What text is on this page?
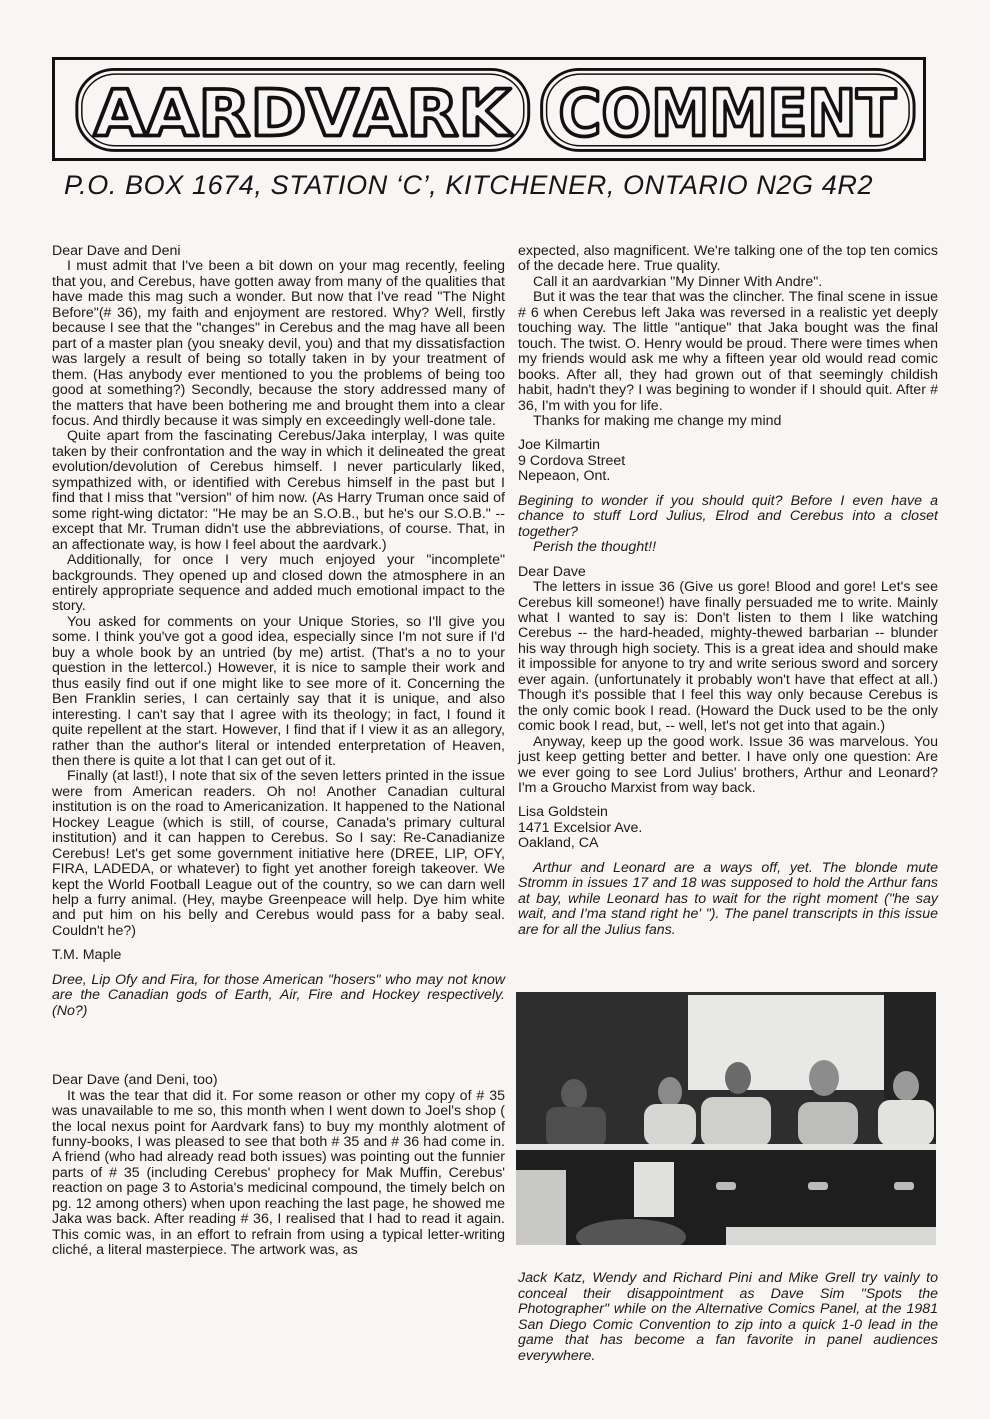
AARDVARK COMMENT
P.O. BOX 1674, STATION ‘C’, KITCHENER, ONTARIO N2G 4R2

Dear Dave and Deni

I must admit that I've been a bit down on your mag recently, feeling that you, and Cerebus, have gotten away from many of the qualities that have made this mag such a wonder. But now that I've read "The Night Before"(# 36), my faith and enjoyment are restored. Why? Well, firstly because I see that the "changes" in Cerebus and the mag have all been part of a master plan (you sneaky devil, you) and that my dissatisfaction was largely a result of being so totally taken in by your treatment of them. (Has anybody ever mentioned to you the problems of being too good at something?) Secondly, because the story addressed many of the matters that have been bothering me and brought them into a clear focus. And thirdly because it was simply en exceedingly well-done tale.

Quite apart from the fascinating Cerebus/Jaka interplay, I was quite taken by their confrontation and the way in which it delineated the great evolution/devolution of Cerebus himself. I never particularly liked, sympathized with, or identified with Cerebus himself in the past but I find that I miss that "version" of him now. (As Harry Truman once said of some right-wing dictator: "He may be an S.O.B., but he's our S.O.B." -- except that Mr. Truman didn't use the abbreviations, of course. That, in an affectionate way, is how I feel about the aardvark.)

Additionally, for once I very much enjoyed your "incomplete" backgrounds. They opened up and closed down the atmosphere in an entirely appropriate sequence and added much emotional impact to the story.

You asked for comments on your Unique Stories, so I'll give you some. I think you've got a good idea, especially since I'm not sure if I'd buy a whole book by an untried (by me) artist. (That's a no to your question in the lettercol.) However, it is nice to sample their work and thus easily find out if one might like to see more of it. Concerning the Ben Franklin series, I can certainly say that it is unique, and also interesting. I can't say that I agree with its theology; in fact, I found it quite repellent at the start. However, I find that if I view it as an allegory, rather than the author's literal or intended enterpretation of Heaven, then there is quite a lot that I can get out of it.

Finally (at last!), I note that six of the seven letters printed in the issue were from American readers. Oh no! Another Canadian cultural institution is on the road to Americanization. It happened to the National Hockey League (which is still, of course, Canada's primary cultural institution) and it can happen to Cerebus. So I say: Re-Canadianize Cerebus! Let's get some government initiative here (DREE, LIP, OFY, FIRA, LADEDA, or whatever) to fight yet another foreigh takeover. We kept the World Football League out of the country, so we can darn well help a furry animal. (Hey, maybe Greenpeace will help. Dye him white and put him on his belly and Cerebus would pass for a baby seal. Couldn't he?)

T.M. Maple

Dree, Lip Ofy and Fira, for those American "hosers" who may not know are the Canadian gods of Earth, Air, Fire and Hockey respectively. (No?)

Dear Dave (and Deni, too)

It was the tear that did it. For some reason or other my copy of # 35 was unavailable to me so, this month when I went down to Joel's shop ( the local nexus point for Aardvark fans) to buy my monthly alotment of funny-books, I was pleased to see that both # 35 and # 36 had come in. A friend (who had already read both issues) was pointing out the funnier parts of # 35 (including Cerebus' prophecy for Mak Muffin, Cerebus' reaction on page 3 to Astoria's medicinal compound, the timely belch on pg. 12 among others) when upon reaching the last page, he showed me Jaka was back. After reading # 36, I realised that I had to read it again. This comic was, in an effort to refrain from using a typical letter-writing cliché, a literal masterpiece. The artwork was, as

expected, also magnificent. We're talking one of the top ten comics of the decade here. True quality.

Call it an aardvarkian "My Dinner With Andre".

But it was the tear that was the clincher. The final scene in issue # 6 when Cerebus left Jaka was reversed in a realistic yet deeply touching way. The little "antique" that Jaka bought was the final touch. The twist. O. Henry would be proud. There were times when my friends would ask me why a fifteen year old would read comic books. After all, they had grown out of that seemingly childish habit, hadn't they? I was begining to wonder if I should quit. After # 36, I'm with you for life.

Thanks for making me change my mind

Joe Kilmartin
9 Cordova Street
Nepeaon, Ont.

Begining to wonder if you should quit? Before I even have a chance to stuff Lord Julius, Elrod and Cerebus into a closet together?

Perish the thought!!

Dear Dave

The letters in issue 36 (Give us gore! Blood and gore! Let's see Cerebus kill someone!) have finally persuaded me to write. Mainly what I wanted to say is: Don't listen to them I like watching Cerebus -- the hard-headed, mighty-thewed barbarian -- blunder his way through high society. This is a great idea and should make it impossible for anyone to try and write serious sword and sorcery ever again. (unfortunately it probably won't have that effect at all.) Though it's possible that I feel this way only because Cerebus is the only comic book I read. (Howard the Duck used to be the only comic book I read, but, -- well, let's not get into that again.)

Anyway, keep up the good work. Issue 36 was marvelous. You just keep getting better and better. I have only one question: Are we ever going to see Lord Julius' brothers, Arthur and Leonard? I'm a Groucho Marxist from way back.

Lisa Goldstein
1471 Excelsior Ave.
Oakland, CA

Arthur and Leonard are a ways off, yet. The blonde mute Stromm in issues 17 and 18 was supposed to hold the Arthur fans at bay, while Leonard has to wait for the right moment ("he say wait, and I'ma stand right he' "). The panel transcripts in this issue are for all the Julius fans.

Jack Katz, Wendy and Richard Pini and Mike Grell try vainly to conceal their disappointment as Dave Sim "Spots the Photographer" while on the Alternative Comics Panel, at the 1981 San Diego Comic Convention to zip into a quick 1-0 lead in the game that has become a fan favorite in panel audiences everywhere.
